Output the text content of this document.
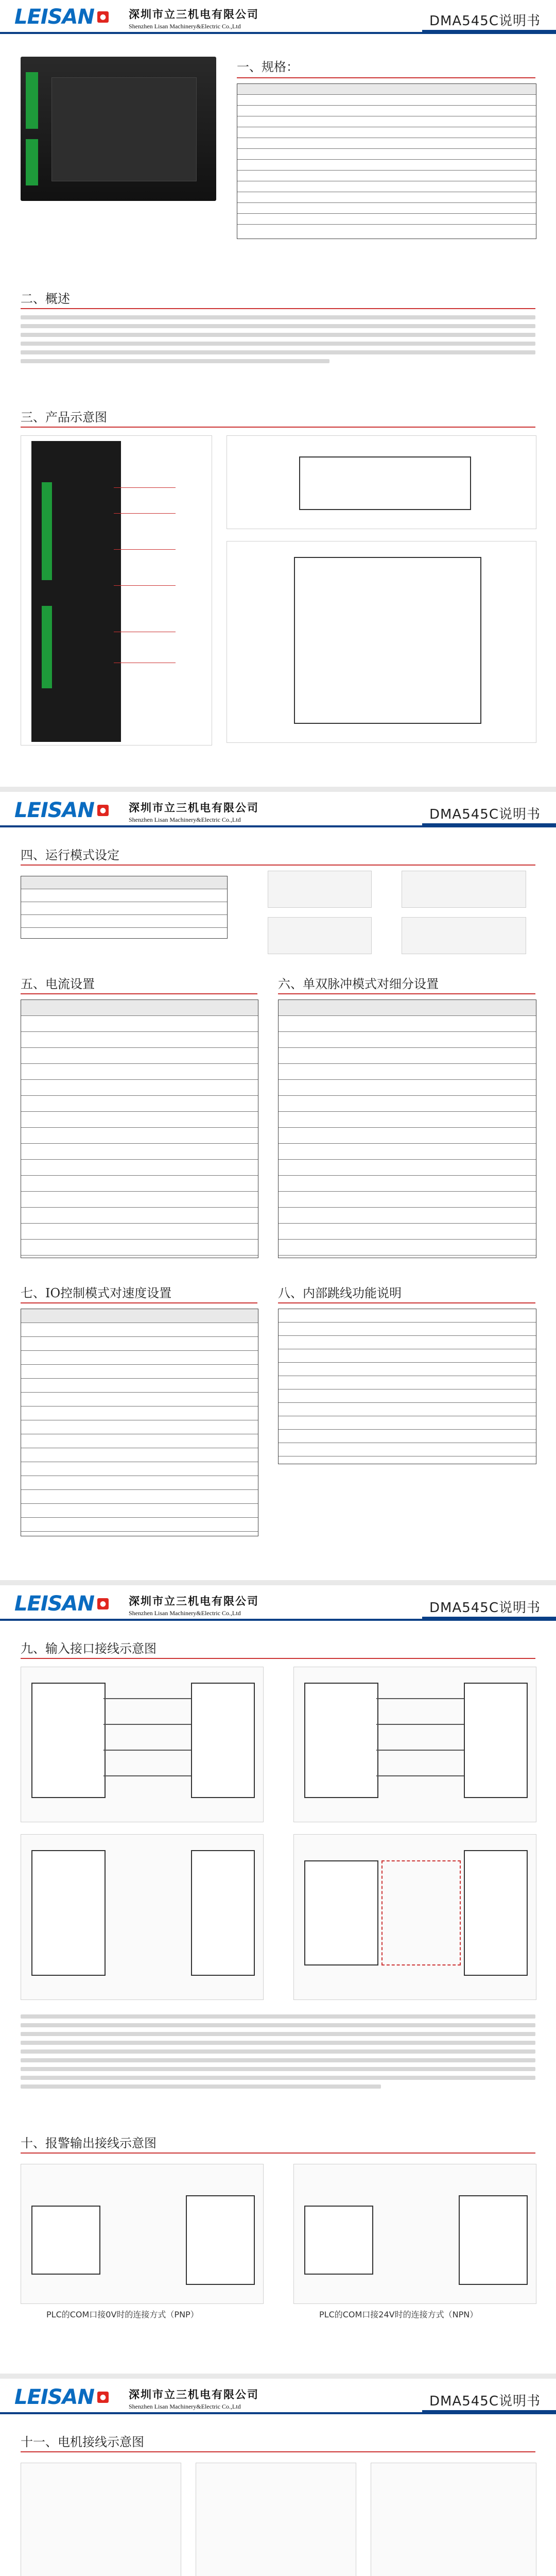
LEISAN ● 深圳市立三机电有限公司
Shenzhen Lisan Machinery&Electric Co.,Ltd	DMA545C说明书
一、规格：
二、概述
三、产品示意图
LEISAN ● 深圳市立三机电有限公司
Shenzhen Lisan Machinery&Electric Co.,Ltd	DMA545C说明书
四、运行模式设定
五、电流设置	六、单双脉冲模式对细分设置
七、IO控制模式对速度设置	八、内部跳线功能说明
LEISAN ● 深圳市立三机电有限公司
Shenzhen Lisan Machinery&Electric Co.,Ltd	DMA545C说明书
九、输入接口接线示意图
十、报警输出接线示意图
PLC的COM口接0V时的连接方式（PNP）	PLC的COM口接24V时的连接方式（NPN）
LEISAN ● 深圳市立三机电有限公司
Shenzhen Lisan Machinery&Electric Co.,Ltd	DMA545C说明书
十一、电机接线示意图
